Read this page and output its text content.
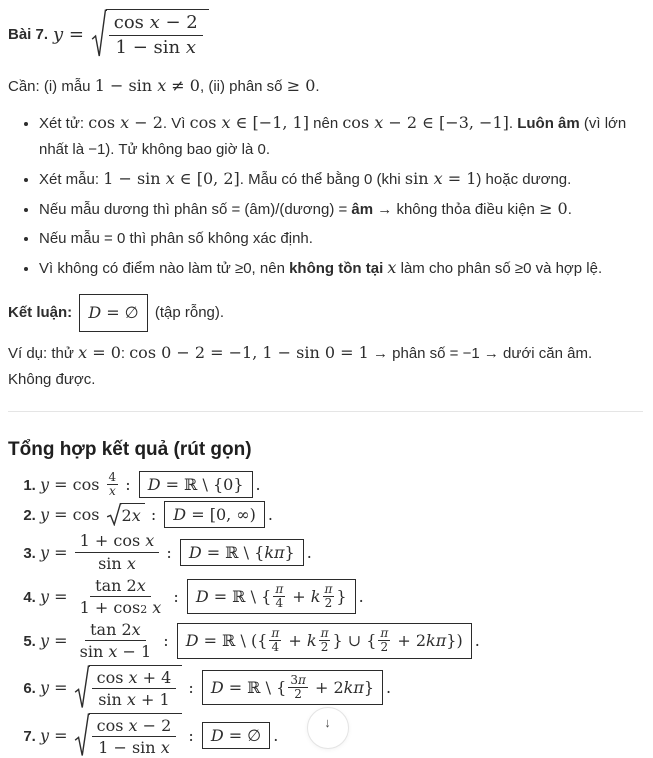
Bài 7. $y = \frac{\text{cos x − 2}}{\text{1 − sin x}}$

Cần: (i) mẫu 1 − sin x ≠ 0, (ii) phân số ≥ 0.

• Xét tử: cos x − 2. Vì cos x ∈ [−1, 1] nên cos x − 2 ∈ [−3, −1]. Luôn âm (vì lớn nhất là −1). Tử không bao giờ là 0.
• Xét mẫu: 1 − sin x ∈ [0, 2]. Mẫu có thể bằng 0 (khi sin x = 1) hoặc dương.
• Nếu mẫu dương thì phân số = (âm)/(dương) = âm → không thỏa điều kiện ≥ 0.
• Nếu mẫu = 0 thì phân số không xác định.
• Vì không có điểm nào làm tử ≥0, nên không tồn tại x làm cho phân số ≥0 và hợp lệ.

Kết luận: D = ∅ (tập rỗng).

Ví dụ: thử x = 0: cos 0 − 2 = −1, 1 − sin 0 = 1 → phân số = −1 → dưới căn âm.

Không được.

Tổng hợp kết quả (rút gọn)
1. $y = \cos \frac{4}{x}$ : D = ℝ \ {0} .
2. y = cos 2 x : D = [0, ∞) .
3. $y = \frac{\text{1 + cos x}}{\text{sin x}}$ : D = ℝ \ { kπ } .
4. y = tan 2 x
1 + cos 2
x : D = ℝ \ { $\frac{\pi}{4} + k \frac{\pi}{2}$ } .
5. $y = \frac{\tan 2 x}{\text{sin x − 1}}$ : D = ℝ \ ({ $\frac{\pi}{4} + k \frac{\pi}{2}$ } ∪ { $\frac{\pi}{2} + 2$ kπ }) .
6. $y = \frac{\text{cos x + 4}}{\text{sin x + 1}}$ : D = ℝ \ { $\frac{3 \pi}{2} + 2$ kπ } .
7. $y = \frac{\text{cos x − 2}}{\text{1 − sin x}}$ : D = ∅ .
↓
